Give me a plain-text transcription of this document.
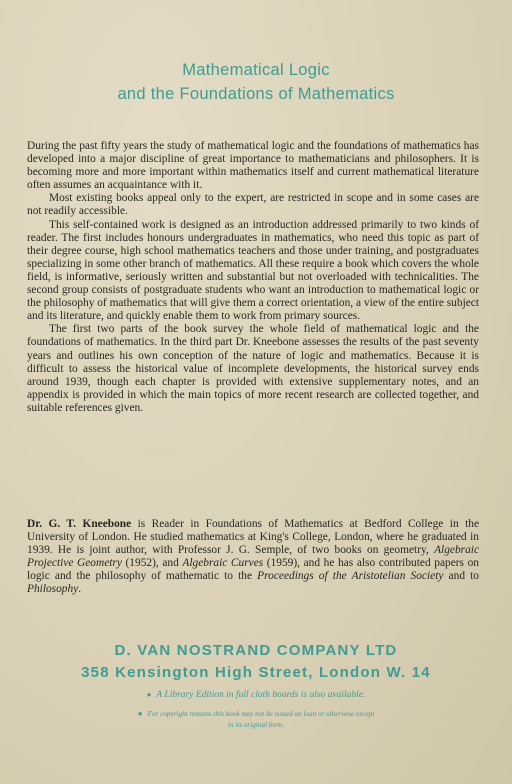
Mathematical Logic
and the Foundations of Mathematics

During the past fifty years the study of mathematical logic and the foundations of mathematics has developed into a major discipline of great importance to mathematicians and philosophers. It is becoming more and more important within mathematics itself and current mathematical literature often assumes an acquaintance with it.

Most existing books appeal only to the expert, are restricted in scope and in some cases are not readily accessible.

This self-contained work is designed as an introduction addressed primarily to two kinds of reader. The first includes honours undergraduates in mathematics, who need this topic as part of their degree course, high school mathematics teachers and those under training, and postgraduates specializing in some other branch of mathematics. All these require a book which covers the whole field, is informative, seriously written and substantial but not overloaded with technicalities. The second group consists of postgraduate students who want an introduction to mathematical logic or the philosophy of mathematics that will give them a correct orientation, a view of the entire subject and its literature, and quickly enable them to work from primary sources.

The first two parts of the book survey the whole field of mathematical logic and the foundations of mathematics. In the third part Dr. Kneebone assesses the results of the past seventy years and outlines his own conception of the nature of logic and mathematics. Because it is difficult to assess the historical value of incomplete developments, the historical survey ends around 1939, though each chapter is provided with extensive supplementary notes, and an appendix is provided in which the main topics of more recent research are collected together, and suitable references given.

Dr. G. T. Kneebone is Reader in Foundations of Mathematics at Bedford College in the University of London. He studied mathematics at King's College, London, where he graduated in 1939. He is joint author, with Professor J. G. Semple, of two books on geometry, Algebraic Projective Geometry (1952), and Algebraic Curves (1959), and he has also contributed papers on logic and the philosophy of mathematic to the Proceedings of the Aristotelian Society and to Philosophy.
D. VAN NOSTRAND COMPANY LTD
358 Kensington High Street, London W. 14
● A Library Edition in full cloth boards is also available.
● For copyright reasons this book may not be issued on loan or otherwise except
in its original form.
